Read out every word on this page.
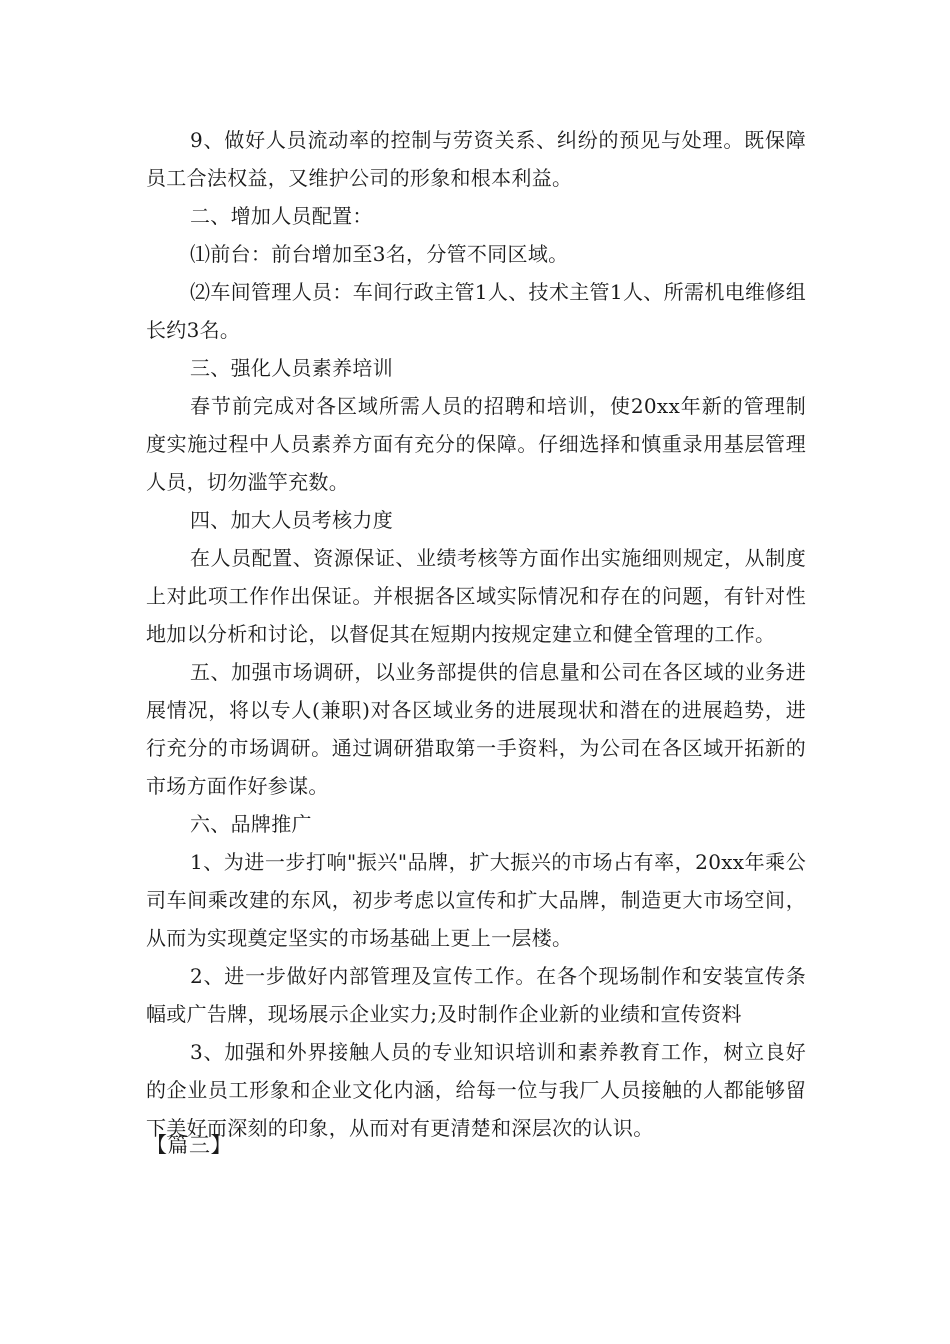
9、做好人员流动率的控制与劳资关系、纠纷的预见与处理。既保障员工合法权益，又维护公司的形象和根本利益。

二、增加人员配置：

⑴前台：前台增加至3名，分管不同区域。

⑵车间管理人员：车间行政主管1人、技术主管1人、所需机电维修组长约3名。

三、强化人员素养培训

春节前完成对各区域所需人员的招聘和培训，使20xx年新的管理制度实施过程中人员素养方面有充分的保障。仔细选择和慎重录用基层管理人员，切勿滥竽充数。

四、加大人员考核力度

在人员配置、资源保证、业绩考核等方面作出实施细则规定，从制度上对此项工作作出保证。并根据各区域实际情况和存在的问题，有针对性地加以分析和讨论，以督促其在短期内按规定建立和健全管理的工作。

五、加强市场调研，以业务部提供的信息量和公司在各区域的业务进展情况，将以专人(兼职)对各区域业务的进展现状和潜在的进展趋势，进行充分的市场调研。通过调研猎取第一手资料，为公司在各区域开拓新的市场方面作好参谋。

六、品牌推广

1、为进一步打响"振兴"品牌，扩大振兴的市场占有率，20xx年乘公司车间乘改建的东风，初步考虑以宣传和扩大品牌，制造更大市场空间，从而为实现奠定坚实的市场基础上更上一层楼。

2、进一步做好内部管理及宣传工作。在各个现场制作和安装宣传条幅或广告牌，现场展示企业实力;及时制作企业新的业绩和宣传资料

3、加强和外界接触人员的专业知识培训和素养教育工作，树立良好的企业员工形象和企业文化内涵，给每一位与我厂人员接触的人都能够留下美好而深刻的印象，从而对有更清楚和深层次的认识。

【篇三】
